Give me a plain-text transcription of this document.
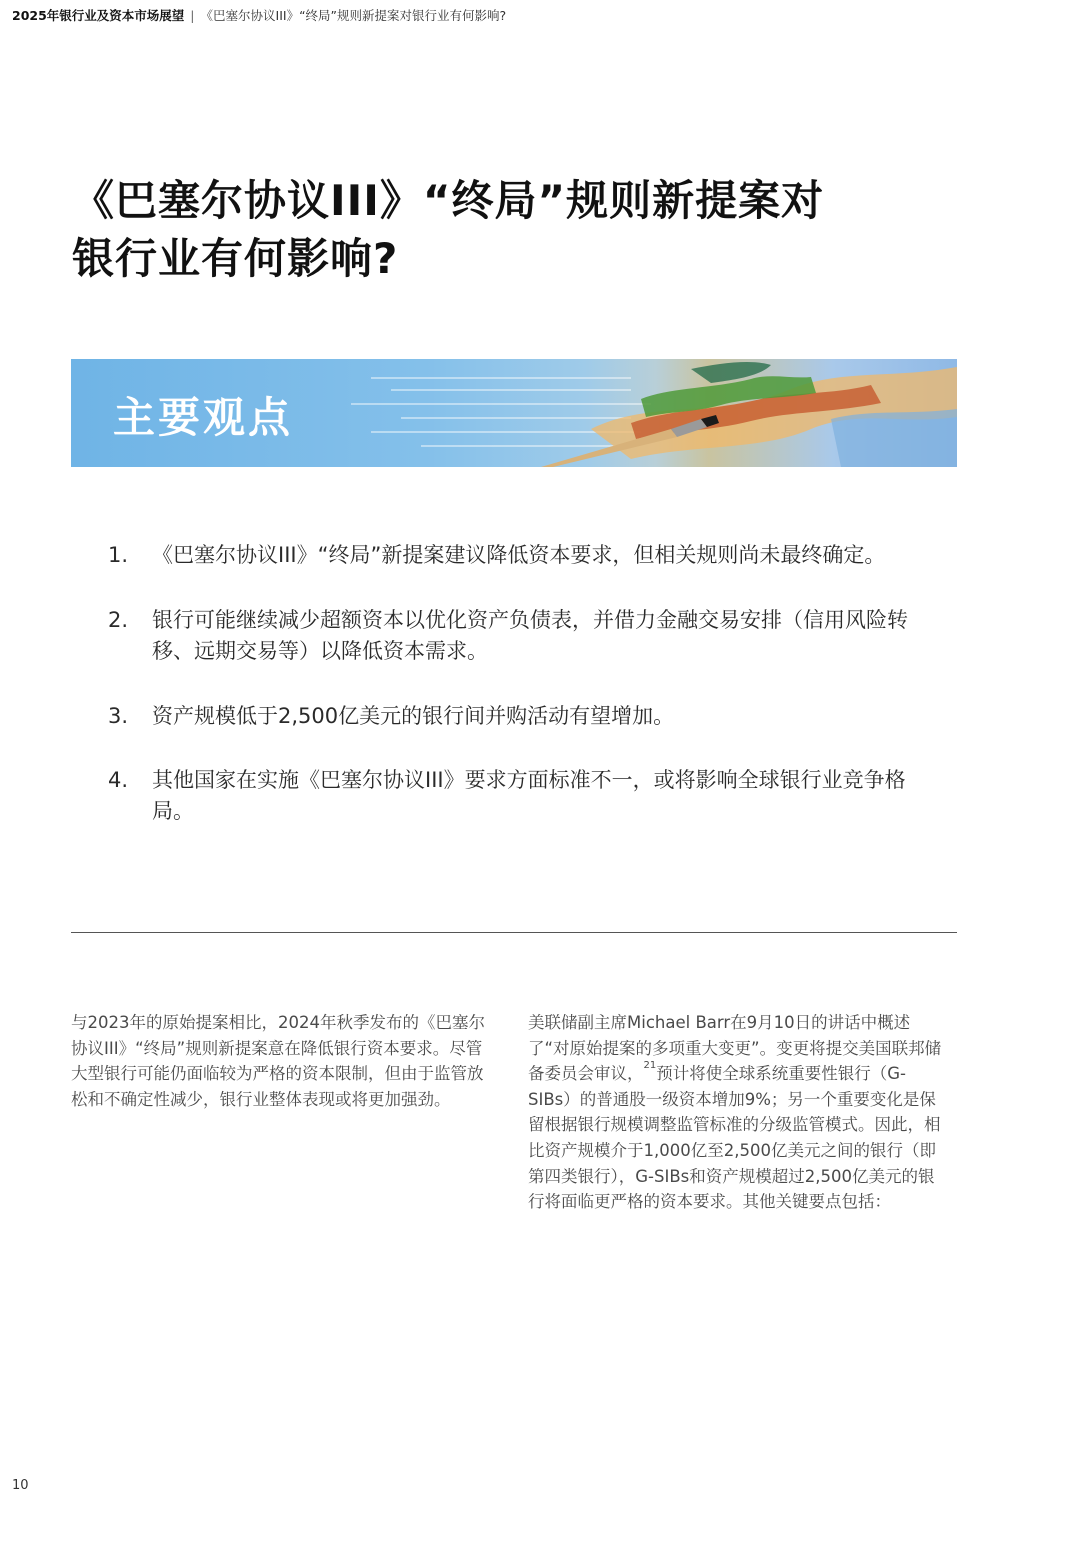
2025年银行业及资本市场展望 | 《巴塞尔协议III》“终局”规则新提案对银行业有何影响?
《巴塞尔协议III》“终局”规则新提案对
银行业有何影响?
主要观点
1. 《巴塞尔协议III》“终局”新提案建议降低资本要求，但相关规则尚未最终确定。
2. 银行可能继续减少超额资本以优化资产负债表，并借力金融交易安排（信用风险转移、远期交易等）以降低资本需求。
3. 资产规模低于2,500亿美元的银行间并购活动有望增加。
4. 其他国家在实施《巴塞尔协议III》要求方面标准不一，或将影响全球银行业竞争格局。

与2023年的原始提案相比，2024年秋季发布的《巴塞尔协议III》“终局”规则新提案意在降低银行资本要求。尽管大型银行可能仍面临较为严格的资本限制，但由于监管放松和不确定性减少，银行业整体表现或将更加强劲。

美联储副主席Michael Barr在9月10日的讲话中概述了“对原始提案的多项重大变更”。变更将提交美国联邦储备委员会审议，$^{21}$预计将使全球系统重要性银行（G-SIBs）的普通股一级资本增加9%；另一个重要变化是保留根据银行规模调整监管标准的分级监管模式。因此，相比资产规模介于1,000亿至2,500亿美元之间的银行（即第四类银行），G-SIBs和资产规模超过2,500亿美元的银行将面临更严格的资本要求。其他关键要点包括：

10
